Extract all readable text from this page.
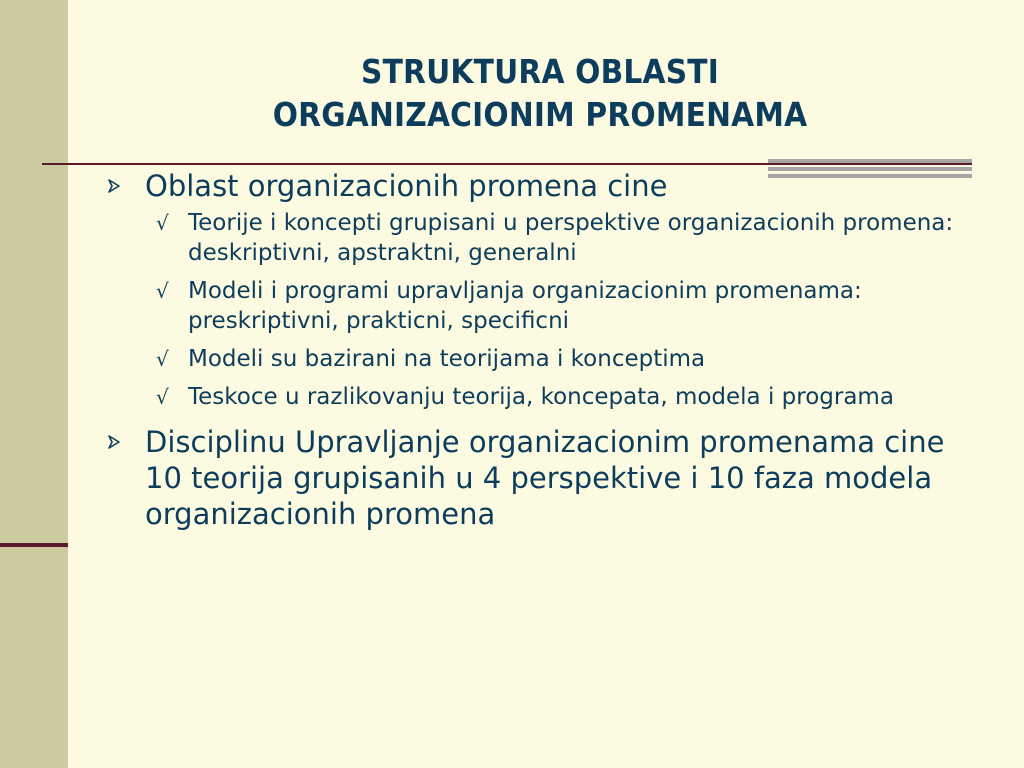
STRUKTURA OBLASTI
ORGANIZACIONIM PROMENAMA
Oblast organizacionih promena cine
√ Teorije i koncepti grupisani u perspektive organizacionih promena: deskriptivni, apstraktni, generalni
√ Modeli i programi upravljanja organizacionim promenama: preskriptivni, prakticni, specificni
√ Modeli su bazirani na teorijama i konceptima
√ Teskoce u razlikovanju teorija, koncepata, modela i programa
Disciplinu Upravljanje organizacionim promenama cine 10 teorija grupisanih u 4 perspektive i 10 faza modela organizacionih promena
